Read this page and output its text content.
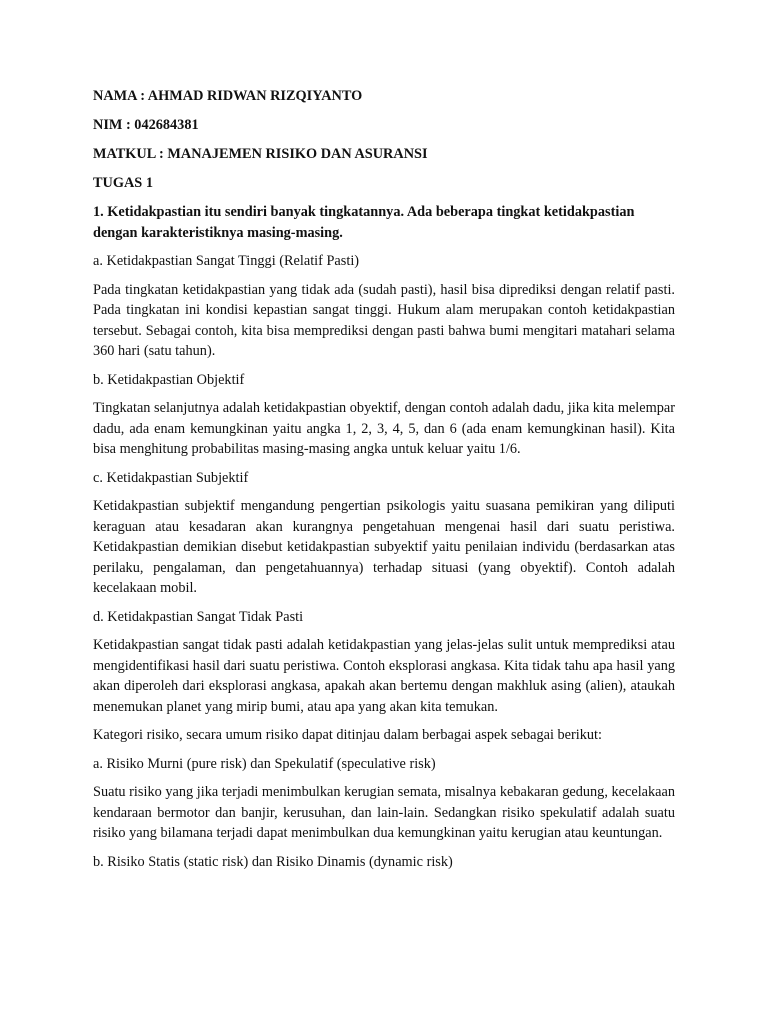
NAMA : AHMAD RIDWAN RIZQIYANTO

NIM : 042684381

MATKUL : MANAJEMEN RISIKO DAN ASURANSI

TUGAS 1

1. Ketidakpastian itu sendiri banyak tingkatannya. Ada beberapa tingkat ketidakpastian dengan karakteristiknya masing-masing.

a. Ketidakpastian Sangat Tinggi (Relatif Pasti)

Pada tingkatan ketidakpastian yang tidak ada (sudah pasti), hasil bisa diprediksi dengan relatif pasti. Pada tingkatan ini kondisi kepastian sangat tinggi. Hukum alam merupakan contoh ketidakpastian tersebut. Sebagai contoh, kita bisa memprediksi dengan pasti bahwa bumi mengitari matahari selama 360 hari (satu tahun).

b. Ketidakpastian Objektif

Tingkatan selanjutnya adalah ketidakpastian obyektif, dengan contoh adalah dadu, jika kita melempar dadu, ada enam kemungkinan yaitu angka 1, 2, 3, 4, 5, dan 6 (ada enam kemungkinan hasil). Kita bisa menghitung probabilitas masing-masing angka untuk keluar yaitu 1/6.

c. Ketidakpastian Subjektif

Ketidakpastian subjektif mengandung pengertian psikologis yaitu suasana pemikiran yang diliputi keraguan atau kesadaran akan kurangnya pengetahuan mengenai hasil dari suatu peristiwa. Ketidakpastian demikian disebut ketidakpastian subyektif yaitu penilaian individu (berdasarkan atas perilaku, pengalaman, dan pengetahuannya) terhadap situasi (yang obyektif). Contoh adalah kecelakaan mobil.

d. Ketidakpastian Sangat Tidak Pasti

Ketidakpastian sangat tidak pasti adalah ketidakpastian yang jelas-jelas sulit untuk memprediksi atau mengidentifikasi hasil dari suatu peristiwa. Contoh eksplorasi angkasa. Kita tidak tahu apa hasil yang akan diperoleh dari eksplorasi angkasa, apakah akan bertemu dengan makhluk asing (alien), ataukah menemukan planet yang mirip bumi, atau apa yang akan kita temukan.

Kategori risiko, secara umum risiko dapat ditinjau dalam berbagai aspek sebagai berikut:

a. Risiko Murni (pure risk) dan Spekulatif (speculative risk)

Suatu risiko yang jika terjadi menimbulkan kerugian semata, misalnya kebakaran gedung, kecelakaan kendaraan bermotor dan banjir, kerusuhan, dan lain-lain. Sedangkan risiko spekulatif adalah suatu risiko yang bilamana terjadi dapat menimbulkan dua kemungkinan yaitu kerugian atau keuntungan.

b. Risiko Statis (static risk) dan Risiko Dinamis (dynamic risk)
